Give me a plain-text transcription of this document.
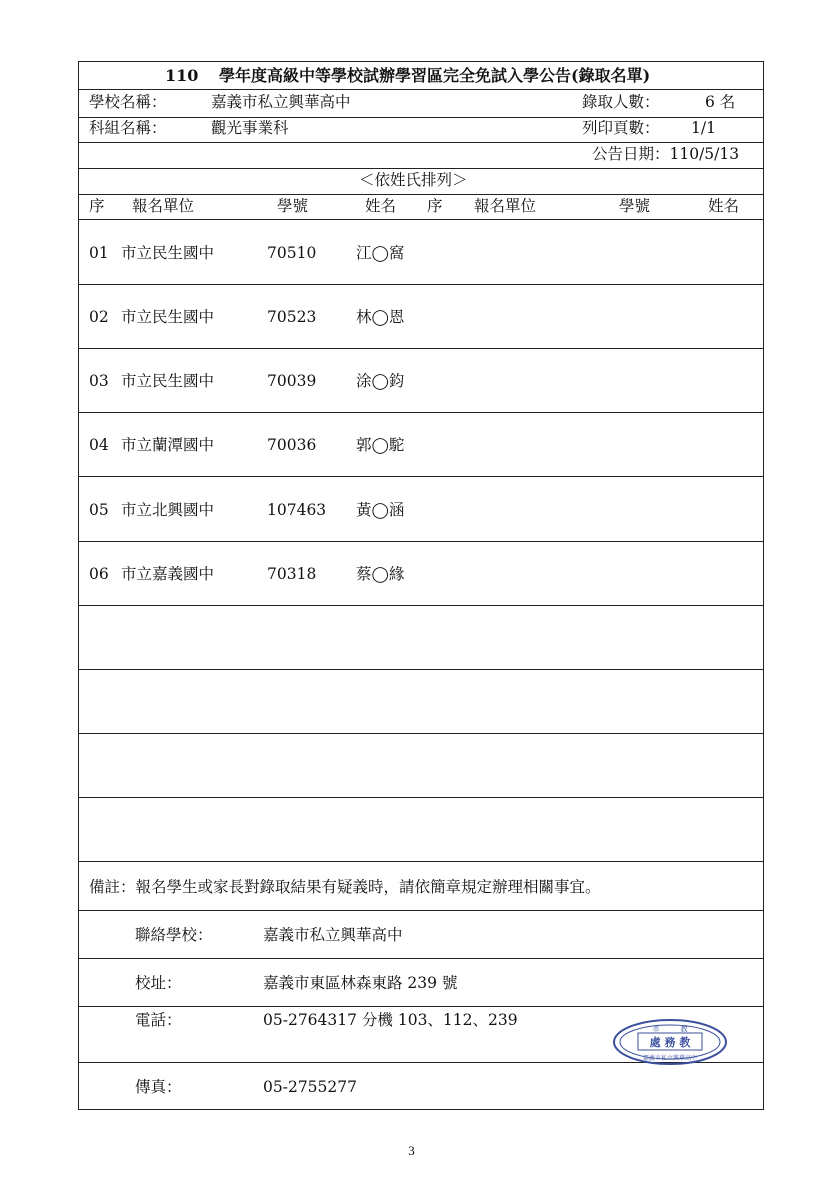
110 學年度高級中等學校試辦學習區完全免試入學公告(錄取名單)
學校名稱：	嘉義市私立興華高中	錄取人數：	6 名
科組名稱：	觀光事業科	列印頁數： 1/1
公告日期：110/5/13
＜依姓氏排列＞
序 報名單位	學號	姓名 序 報名單位	學號	姓名
01 市立民生國中	70510	江◯窩
02 市立民生國中	70523	林◯恩
03 市立民生國中	70039	涂◯鈞
04 市立蘭潭國中	70036	郭◯駝
05 市立北興國中	107463 黃◯涵
06 市立嘉義國中	70318	蔡◯緣
備註：報名學生或家長對錄取結果有疑義時，請依簡章規定辦理相關事宜。
聯絡學校：	嘉義市私立興華高中
校址：	嘉義市東區林森東路 239 號
電話：	05-2764317 分機 103、112、239
傳真：	05-2755277
市　　　教
處 務 教
嘉義市私立興華高中
3
